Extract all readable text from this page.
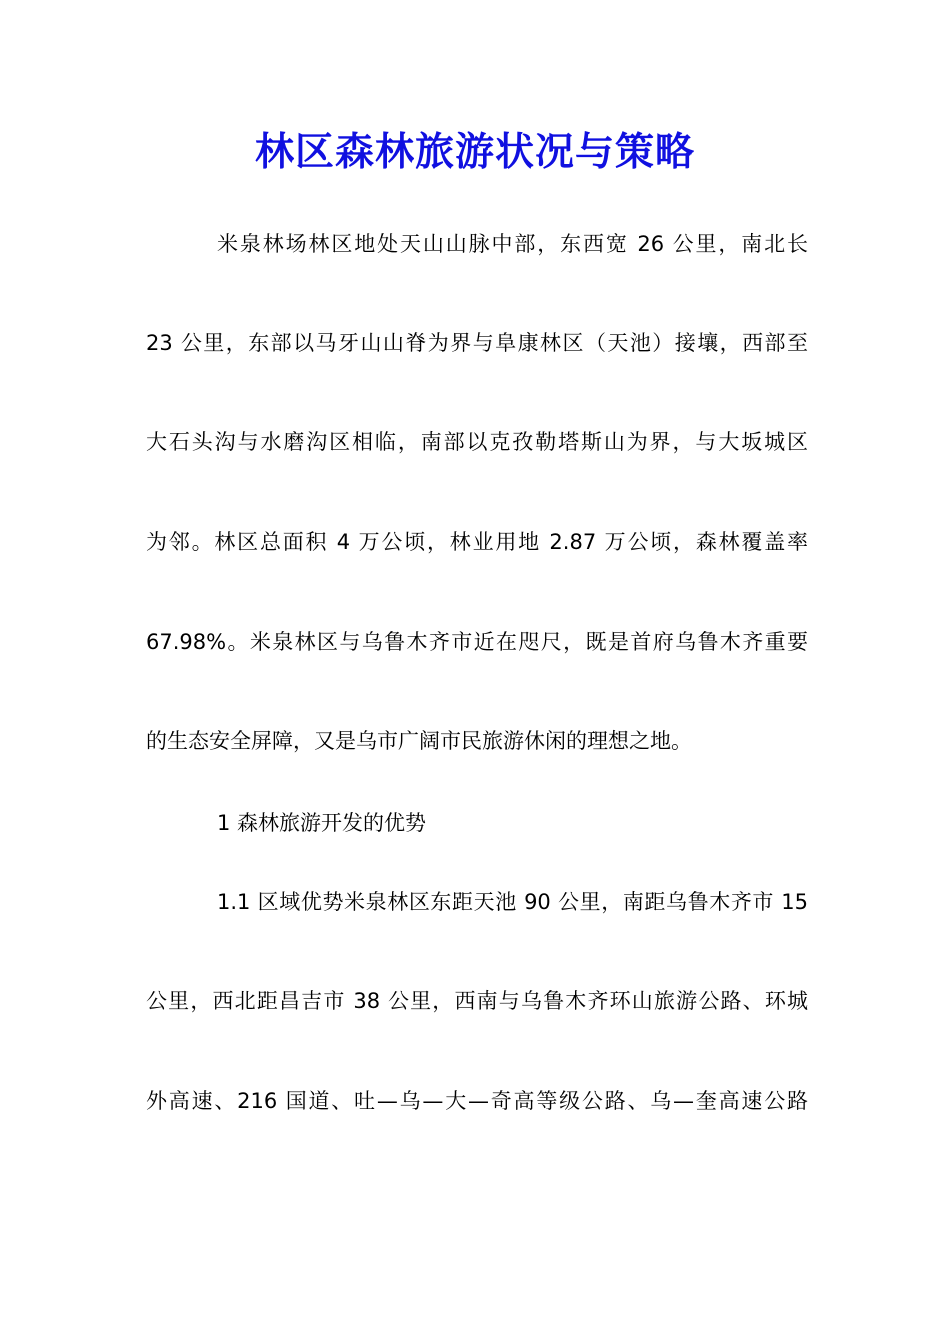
林区森林旅游状况与策略
米泉林场林区地处天山山脉中部，东西宽 26 公里，南北长
23 公里，东部以马牙山山脊为界与阜康林区（天池）接壤，西部至
大石头沟与水磨沟区相临，南部以克孜勒塔斯山为界，与大坂城区
为邻。林区总面积 4 万公顷，林业用地 2.87 万公顷，森林覆盖率
67.98%。米泉林区与乌鲁木齐市近在咫尺，既是首府乌鲁木齐重要
的生态安全屏障，又是乌市广阔市民旅游休闲的理想之地。
1 森林旅游开发的优势
1.1 区域优势米泉林区东距天池 90 公里，南距乌鲁木齐市 15
公里，西北距昌吉市 38 公里，西南与乌鲁木齐环山旅游公路、环城
外高速、216 国道、吐—乌—大—奇高等级公路、乌—奎高速公路
